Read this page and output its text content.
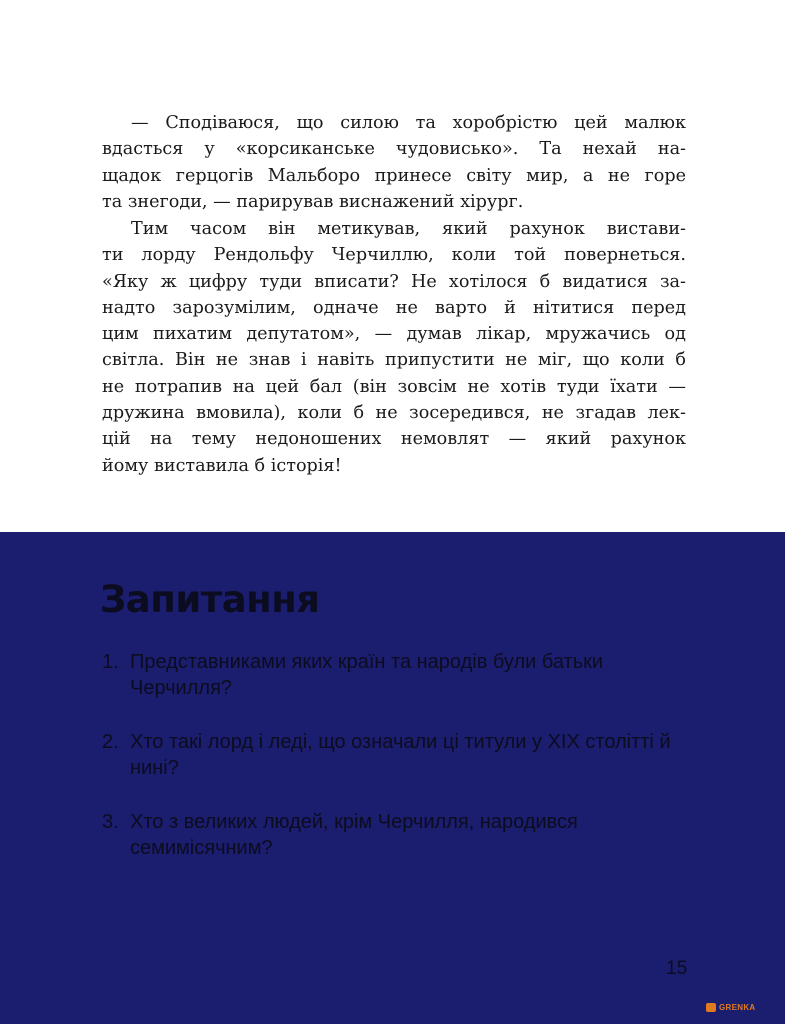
— Сподіваюся, що силою та хоробрістю цей малюк
вдасться у «корсиканське чудовисько». Та нехай на-
щадок герцогів Мальборо принесе світу мир, а не горе
та знегоди, — парирував виснажений хірург.

Тим часом він метикував, який рахунок вистави-
ти лорду Рендольфу Черчиллю, коли той повернеться.
«Яку ж цифру туди вписати? Не хотілося б видатися за-
надто зарозумілим, одначе не варто й нітитися перед
цим пихатим депутатом», — думав лікар, мружачись од
світла. Він не знав і навіть припустити не міг, що коли б
не потрапив на цей бал (він зовсім не хотів туди їхати —
дружина вмовила), коли б не зосередився, не згадав лек-
цій на тему недоношених немовлят — який рахунок
йому виставила б історія!

Запитання
1. Представниками яких країн та народів були батьки Черчилля?
2. Хто такі лорд і леді, що означали ці титули у XIX столітті й нині?
3. Хто з великих людей, крім Черчилля, народився семимісячним?
15
GRENKA
